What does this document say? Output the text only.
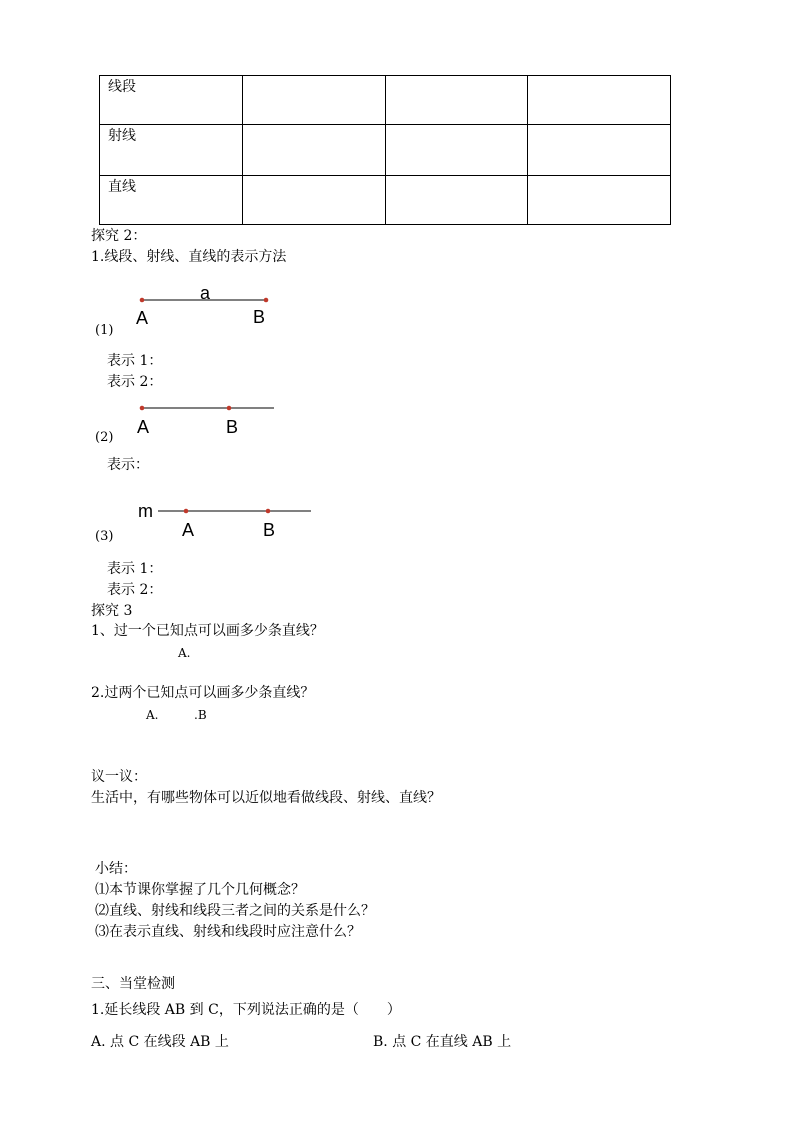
线段			
射线			
直线			
探究 2：
1.线段、射线、直线的表示方法
a
A	B
A	B
m
A	B
(1)
表示 1：
表示 2：
(2)
表示：
(3)
表示 1：
表示 2：
探究 3
1、过一个已知点可以画多少条直线？
A.
2.过两个已知点可以画多少条直线？
A.	.B
议一议：
生活中，有哪些物体可以近似地看做线段、射线、直线？
小结：
⑴本节课你掌握了几个几何概念？
⑵直线、射线和线段三者之间的关系是什么？
⑶在表示直线、射线和线段时应注意什么？
三、当堂检测
1.延长线段 AB 到 C，下列说法正确的是（　　）
A. 点 C 在线段 AB 上	B. 点 C 在直线 AB 上
